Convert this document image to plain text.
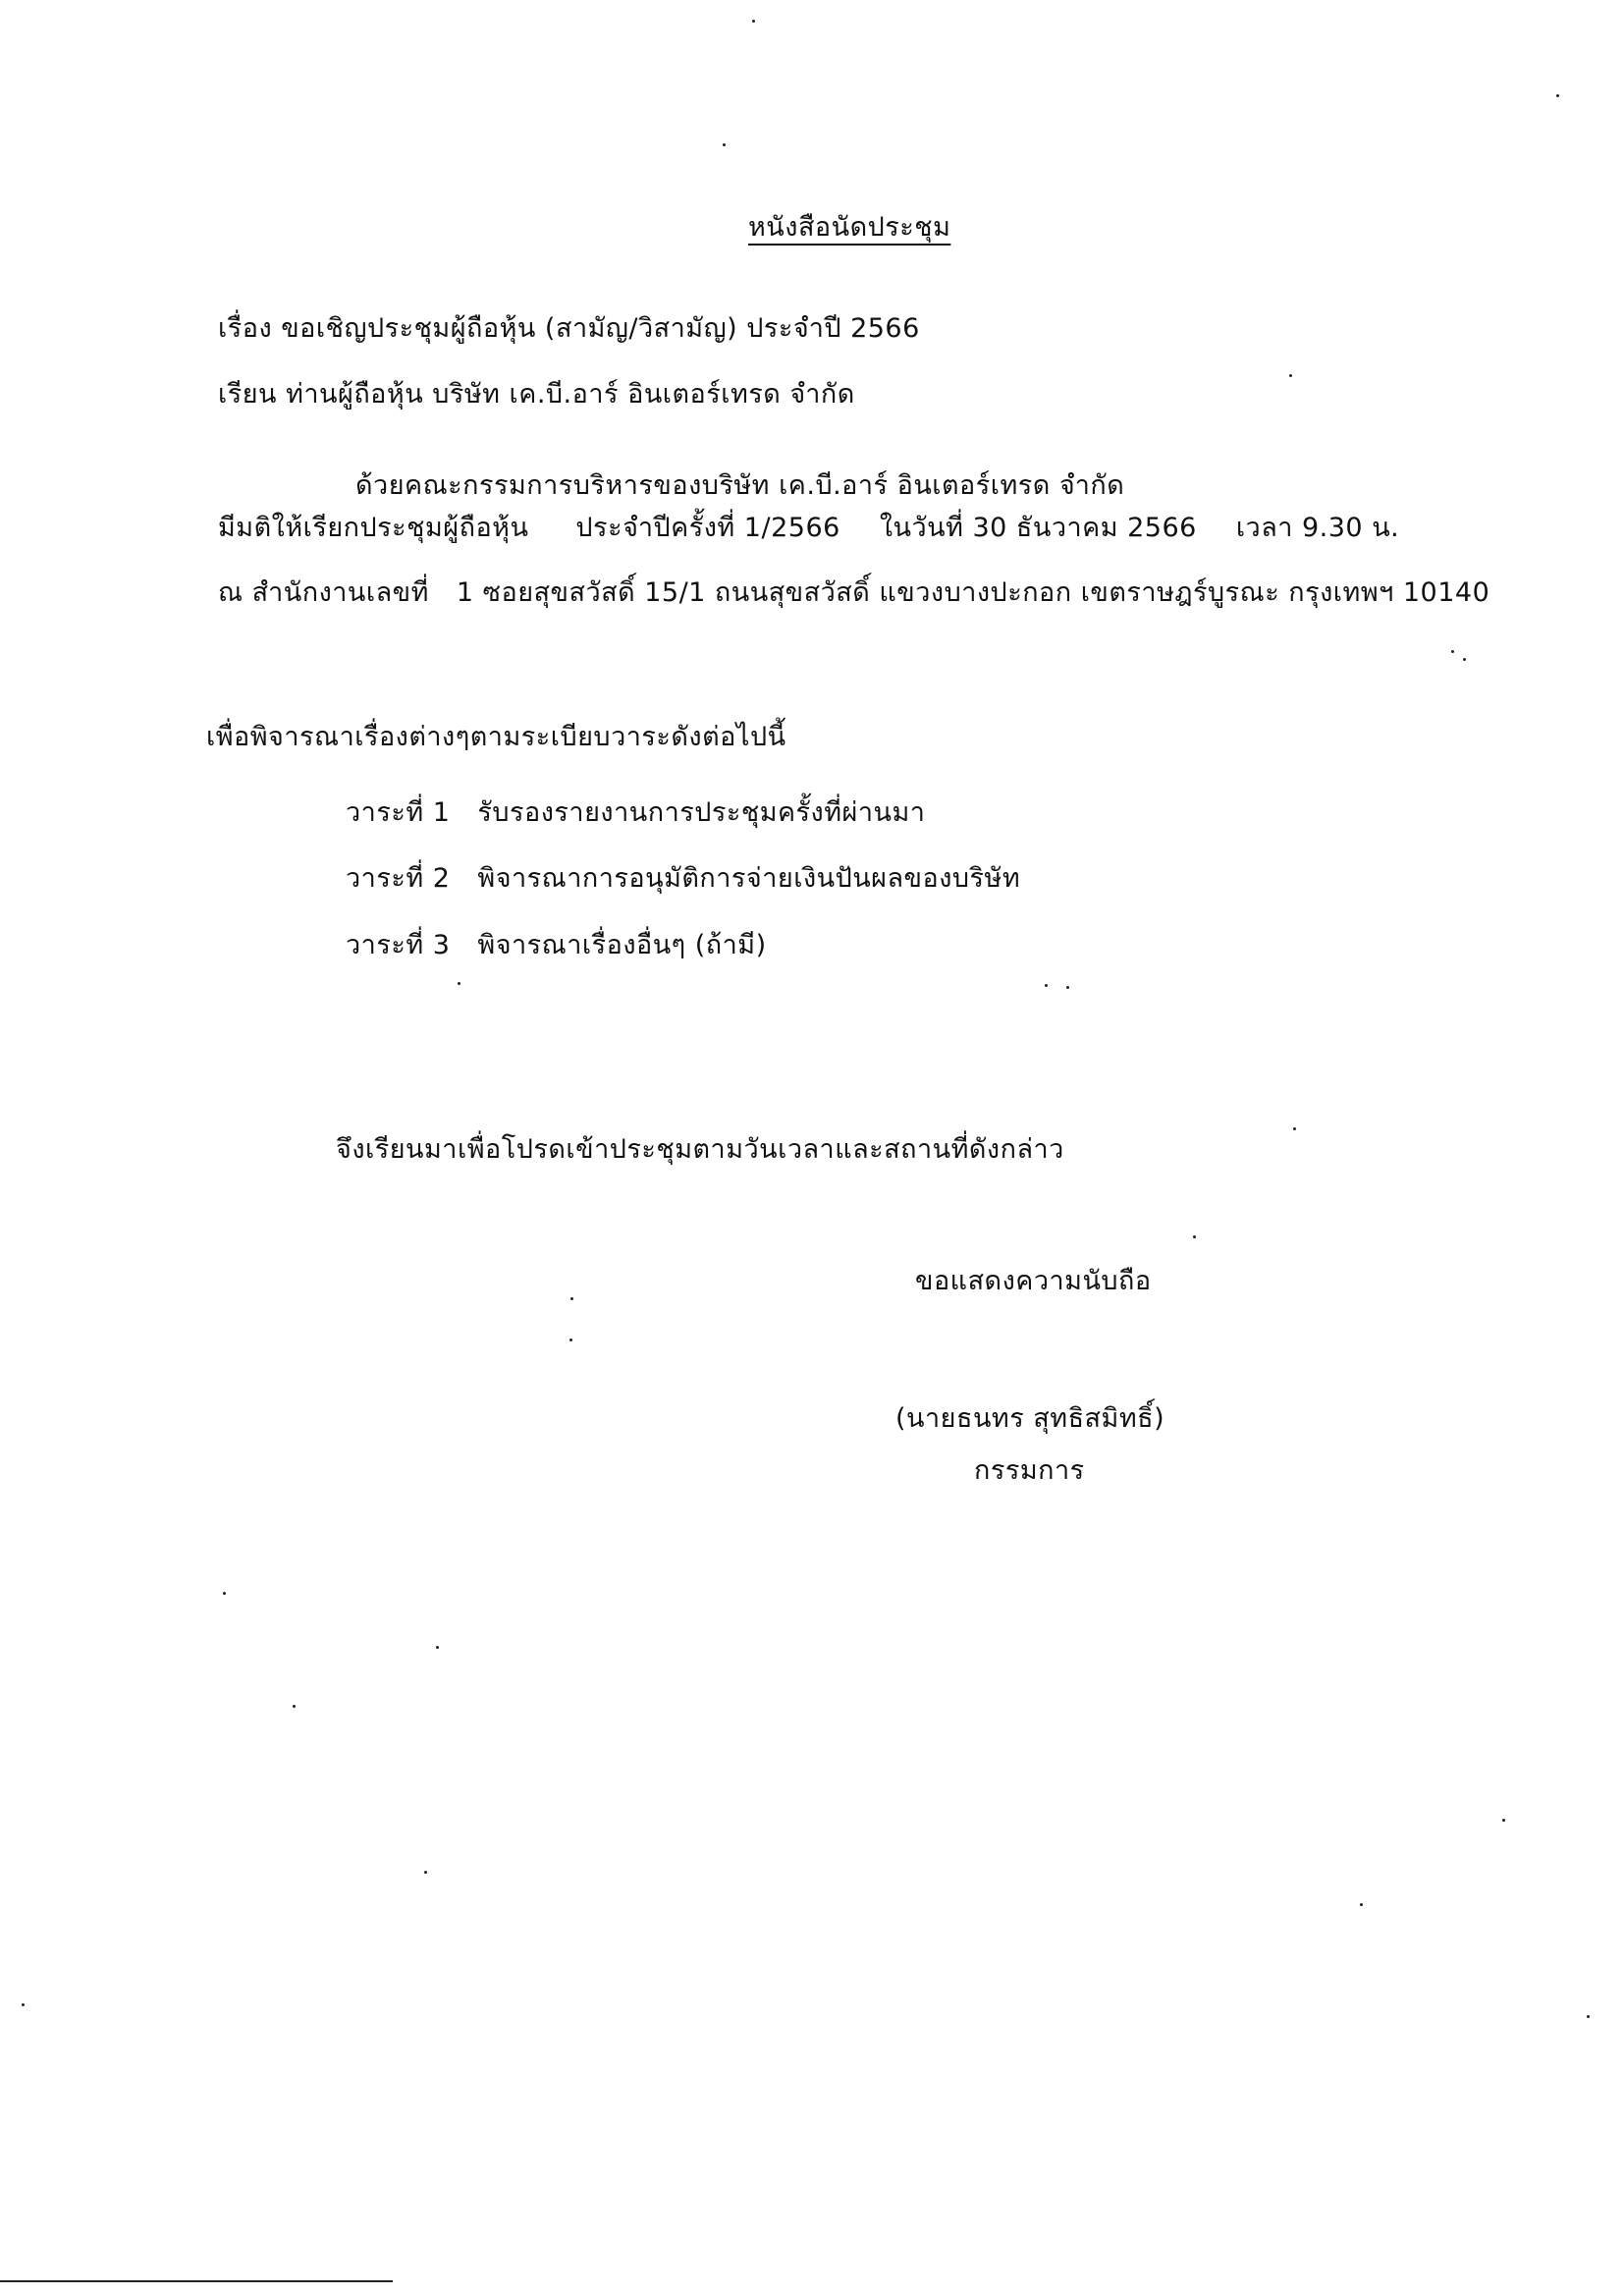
หนังสือนัดประชุม
เรื่อง ขอเชิญประชุมผู้ถือหุ้น (สามัญ/วิสามัญ) ประจำปี 2566
เรียน ท่านผู้ถือหุ้น บริษัท เค.บี.อาร์ อินเตอร์เทรด จำกัด
ด้วยคณะกรรมการบริหารของบริษัท เค.บี.อาร์ อินเตอร์เทรด จำกัด
มีมติให้เรียกประชุมผู้ถือหุ้น ประจำปีครั้งที่ 1/2566 ในวันที่ 30 ธันวาคม 2566 เวลา 9.30 น.
ณ สำนักงานเลขที่ 1 ซอยสุขสวัสดิ์ 15/1 ถนนสุขสวัสดิ์ แขวงบางปะกอก เขตราษฎร์บูรณะ กรุงเทพฯ 10140
เพื่อพิจารณาเรื่องต่างๆตามระเบียบวาระดังต่อไปนี้
วาระที่ 1 รับรองรายงานการประชุมครั้งที่ผ่านมา
วาระที่ 2 พิจารณาการอนุมัติการจ่ายเงินปันผลของบริษัท
วาระที่ 3 พิจารณาเรื่องอื่นๆ (ถ้ามี)
จึงเรียนมาเพื่อโปรดเข้าประชุมตามวันเวลาและสถานที่ดังกล่าว
ขอแสดงความนับถือ
(นายธนทร สุทธิสมิทธิ์)
กรรมการ
